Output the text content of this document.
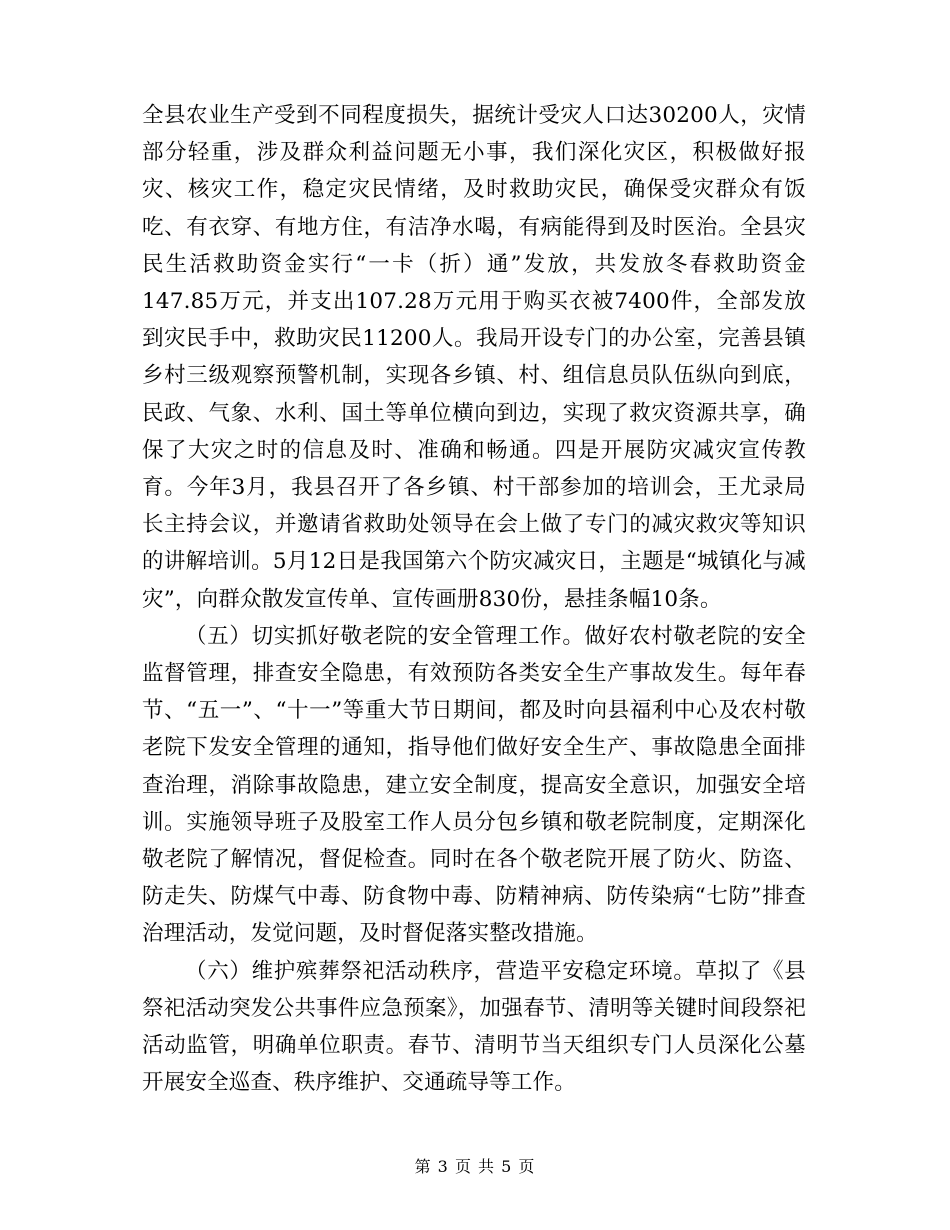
全县农业生产受到不同程度损失，据统计受灾人口达30200人，灾情部分轻重，涉及群众利益问题无小事，我们深化灾区，积极做好报灾、核灾工作，稳定灾民情绪，及时救助灾民，确保受灾群众有饭吃、有衣穿、有地方住，有洁净水喝，有病能得到及时医治。全县灾民生活救助资金实行“一卡（折）通”发放，共发放冬春救助资金147.85万元，并支出107.28万元用于购买衣被7400件，全部发放到灾民手中，救助灾民11200人。我局开设专门的办公室，完善县镇乡村三级观察预警机制，实现各乡镇、村、组信息员队伍纵向到底，民政、气象、水利、国土等单位横向到边，实现了救灾资源共享，确保了大灾之时的信息及时、准确和畅通。四是开展防灾减灾宣传教育。今年3月，我县召开了各乡镇、村干部参加的培训会，王尤录局长主持会议，并邀请省救助处领导在会上做了专门的减灾救灾等知识的讲解培训。5月12日是我国第六个防灾减灾日，主题是“城镇化与减灾”，向群众散发宣传单、宣传画册830份，悬挂条幅10条。

（五）切实抓好敬老院的安全管理工作。做好农村敬老院的安全监督管理，排查安全隐患，有效预防各类安全生产事故发生。每年春节、“五一”、“十一”等重大节日期间，都及时向县福利中心及农村敬老院下发安全管理的通知，指导他们做好安全生产、事故隐患全面排查治理，消除事故隐患，建立安全制度，提高安全意识，加强安全培训。实施领导班子及股室工作人员分包乡镇和敬老院制度，定期深化敬老院了解情况，督促检查。同时在各个敬老院开展了防火、防盗、防走失、防煤气中毒、防食物中毒、防精神病、防传染病“七防”排查治理活动，发觉问题，及时督促落实整改措施。

（六）维护殡葬祭祀活动秩序，营造平安稳定环境。草拟了《县祭祀活动突发公共事件应急预案》，加强春节、清明等关键时间段祭祀活动监管，明确单位职责。春节、清明节当天组织专门人员深化公墓开展安全巡查、秩序维护、交通疏导等工作。

第 3 页 共 5 页
